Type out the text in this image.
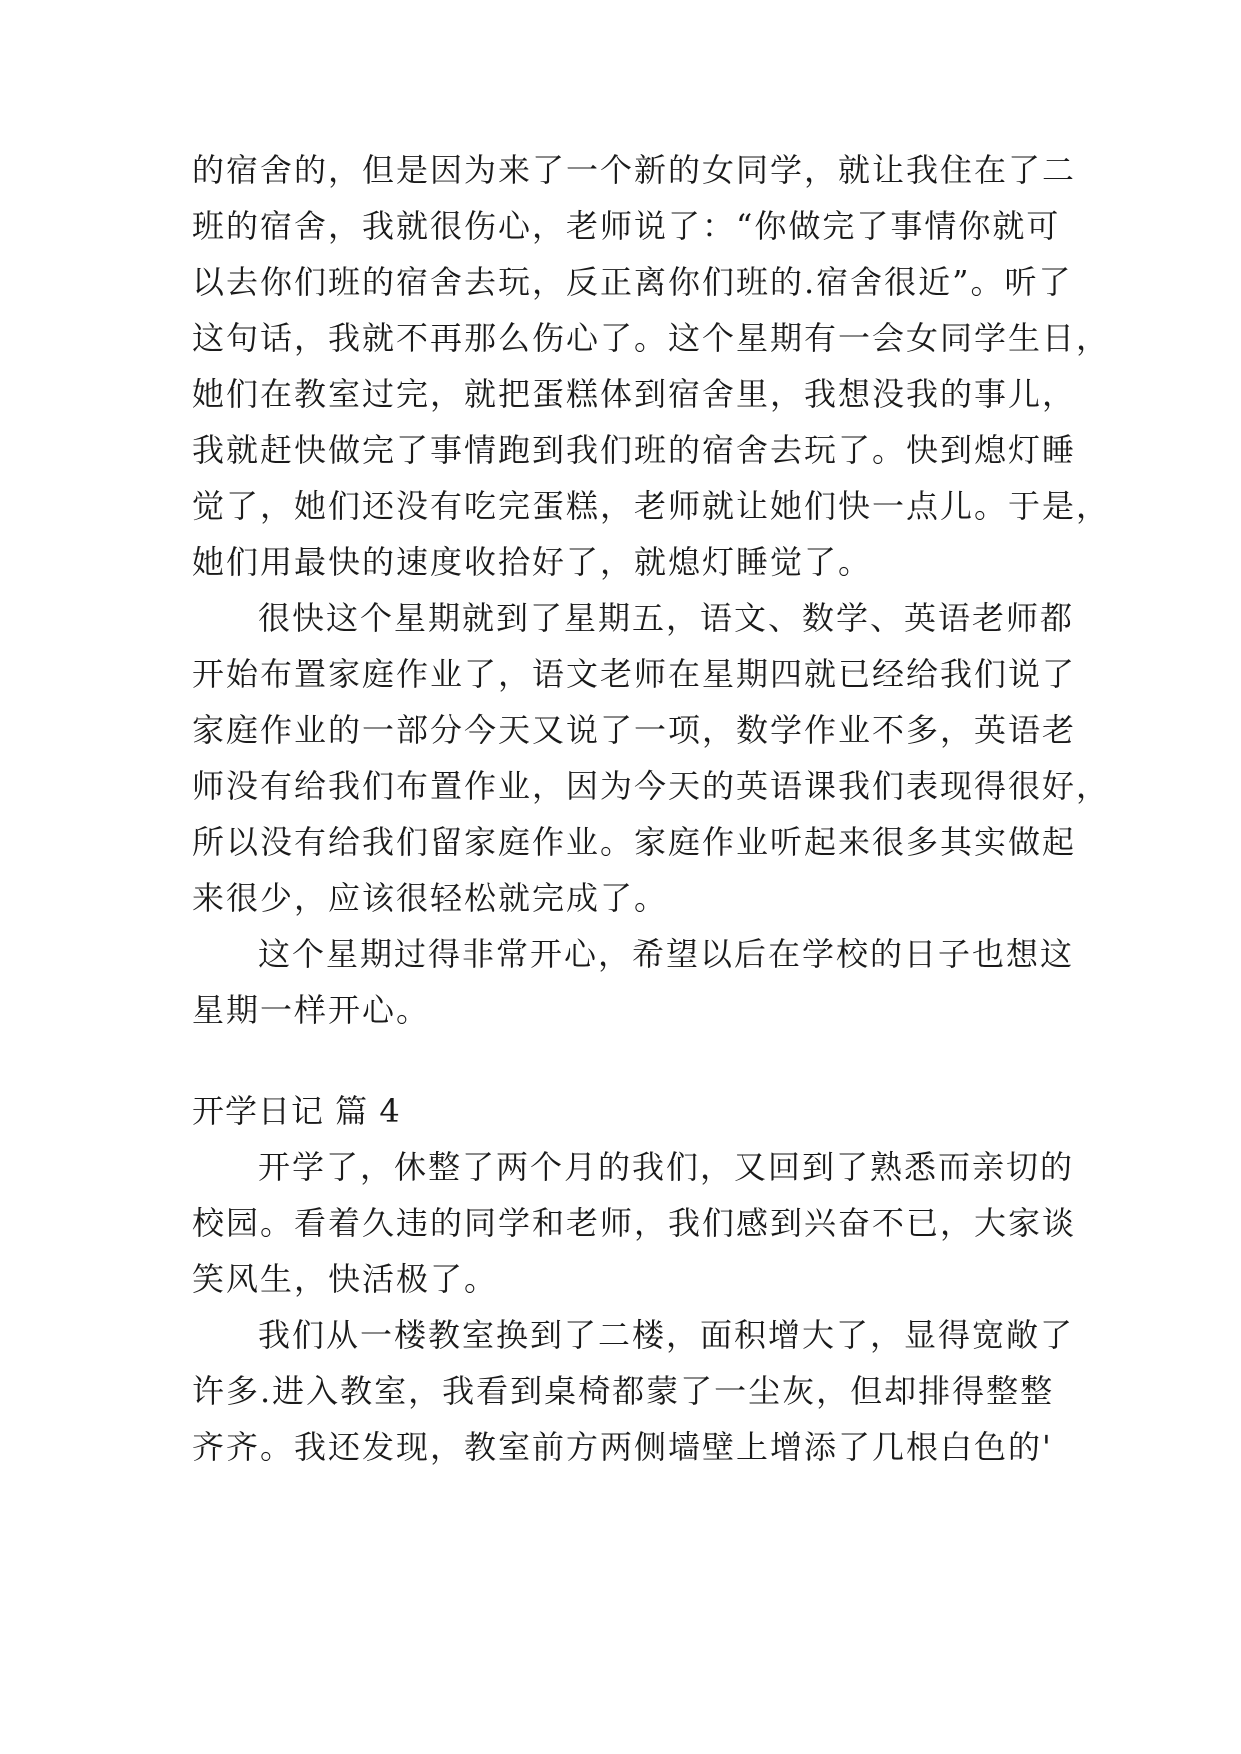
的宿舍的，但是因为来了一个新的女同学，就让我住在了二
班的宿舍，我就很伤心，老师说了：“你做完了事情你就可
以去你们班的宿舍去玩，反正离你们班的.宿舍很近”。听了
这句话，我就不再那么伤心了。这个星期有一会女同学生日，
她们在教室过完，就把蛋糕体到宿舍里，我想没我的事儿，
我就赶快做完了事情跑到我们班的宿舍去玩了。快到熄灯睡
觉了，她们还没有吃完蛋糕，老师就让她们快一点儿。于是，
她们用最快的速度收拾好了，就熄灯睡觉了。
很快这个星期就到了星期五，语文、数学、英语老师都
开始布置家庭作业了，语文老师在星期四就已经给我们说了
家庭作业的一部分今天又说了一项，数学作业不多，英语老
师没有给我们布置作业，因为今天的英语课我们表现得很好，
所以没有给我们留家庭作业。家庭作业听起来很多其实做起
来很少，应该很轻松就完成了。
这个星期过得非常开心，希望以后在学校的日子也想这
星期一样开心。
开学日记 篇 4
开学了，休整了两个月的我们，又回到了熟悉而亲切的
校园。看着久违的同学和老师，我们感到兴奋不已，大家谈
笑风生，快活极了。
我们从一楼教室换到了二楼，面积增大了，显得宽敞了
许多.进入教室，我看到桌椅都蒙了一尘灰，但却排得整整
齐齐。我还发现，教室前方两侧墙壁上增添了几根白色的'
